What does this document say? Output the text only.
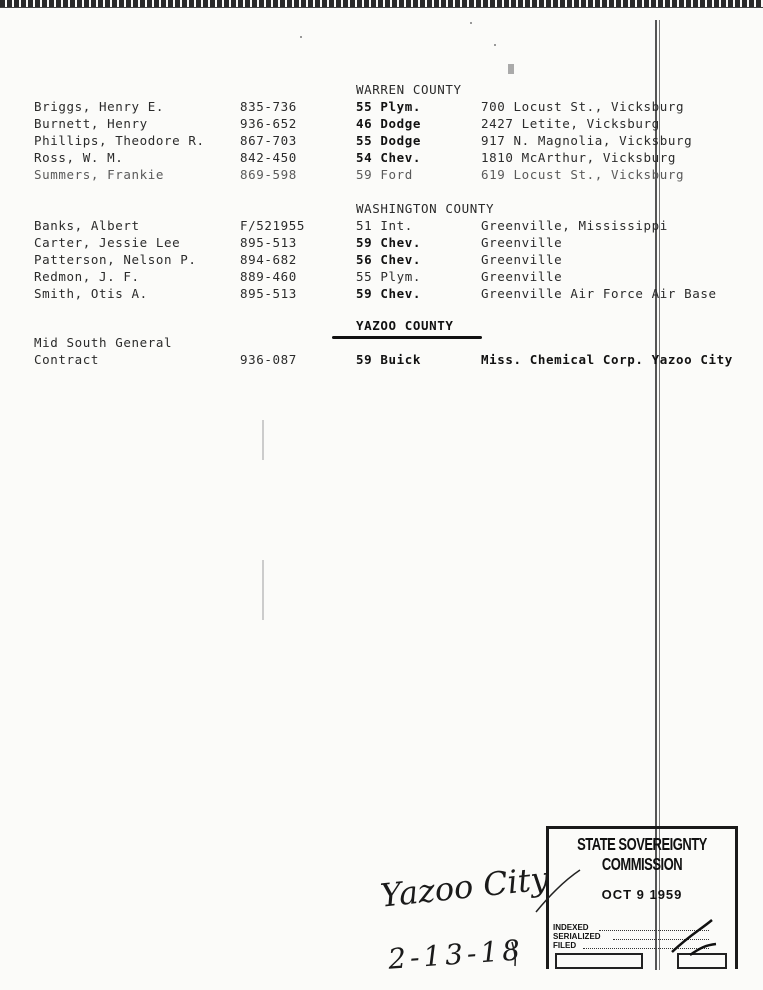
WARREN COUNTY
Briggs, Henry E.	835-736	55 Plym.	700 Locust St., Vicksburg
Burnett, Henry	936-652	46 Dodge	2427 Letite, Vicksburg
Phillips, Theodore R.	867-703	55 Dodge	917 N. Magnolia, Vicksburg
Ross, W. M.	842-450	54 Chev.	1810 McArthur, Vicksburg
Summers, Frankie	869-598	59 Ford	619 Locust St., Vicksburg
WASHINGTON COUNTY
Banks, Albert	F/521955	51 Int.	Greenville, Mississippi
Carter, Jessie Lee	895-513	59 Chev.	Greenville
Patterson, Nelson P.	894-682	56 Chev.	Greenville
Redmon, J. F.	889-460	55 Plym.	Greenville
Smith, Otis A.	895-513	59 Chev.	Greenville Air Force Air Base
YAZOO COUNTY
Mid South General
Contract	936-087	59 Buick	Miss. Chemical Corp. Yazoo City
Yazoo City
2-13-18
STATE SOVEREIGNTY COMMISSION
OCT 9 1959
INDEXED
SERIALIZED
FILED
